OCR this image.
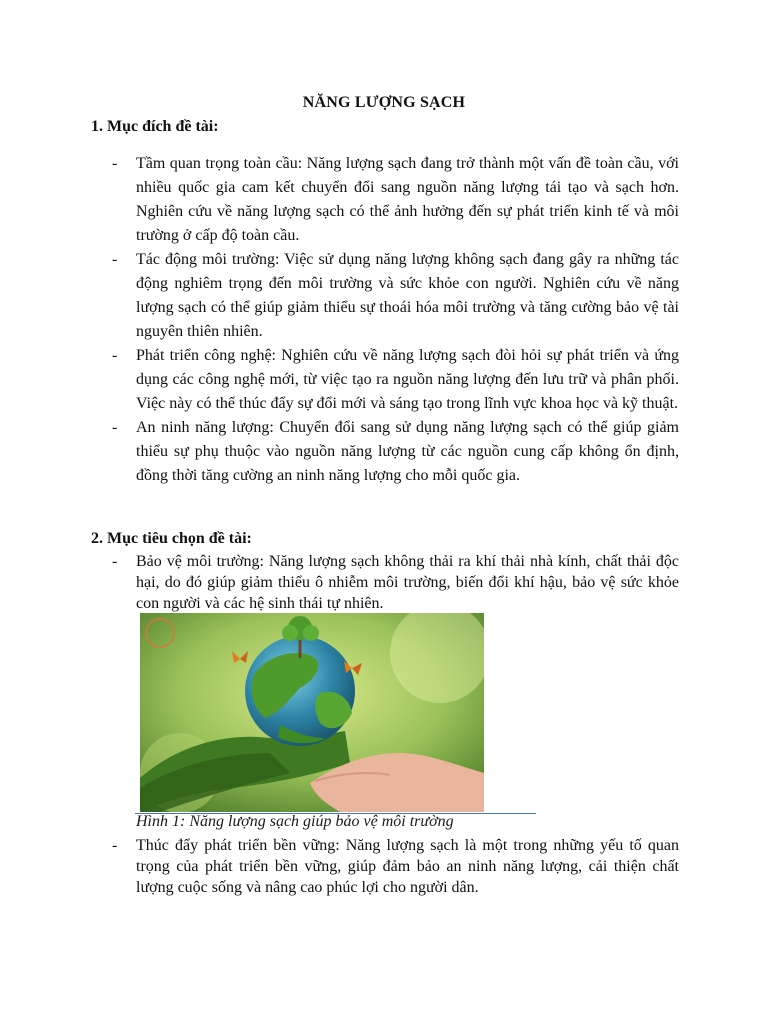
NĂNG LƯỢNG SẠCH
1. Mục đích đề tài:
- Tầm quan trọng toàn cầu: Năng lượng sạch đang trở thành một vấn đề toàn cầu, với nhiều quốc gia cam kết chuyển đổi sang nguồn năng lượng tái tạo và sạch hơn. Nghiên cứu về năng lượng sạch có thể ảnh hưởng đến sự phát triển kinh tế và môi trường ở cấp độ toàn cầu.
- Tác động môi trường: Việc sử dụng năng lượng không sạch đang gây ra những tác động nghiêm trọng đến môi trường và sức khỏe con người. Nghiên cứu về năng lượng sạch có thể giúp giảm thiểu sự thoái hóa môi trường và tăng cường bảo vệ tài nguyên thiên nhiên.
- Phát triển công nghệ: Nghiên cứu về năng lượng sạch đòi hỏi sự phát triển và ứng dụng các công nghệ mới, từ việc tạo ra nguồn năng lượng đến lưu trữ và phân phối. Việc này có thể thúc đẩy sự đổi mới và sáng tạo trong lĩnh vực khoa học và kỹ thuật.
- An ninh năng lượng: Chuyển đổi sang sử dụng năng lượng sạch có thể giúp giảm thiểu sự phụ thuộc vào nguồn năng lượng từ các nguồn cung cấp không ổn định, đồng thời tăng cường an ninh năng lượng cho mỗi quốc gia.
2. Mục tiêu chọn đề tài:
- Bảo vệ môi trường: Năng lượng sạch không thải ra khí thải nhà kính, chất thải độc hại, do đó giúp giảm thiểu ô nhiễm môi trường, biến đổi khí hậu, bảo vệ sức khỏe con người và các hệ sinh thái tự nhiên.
Hình 1: Năng lượng sạch giúp bảo vệ môi trường
- Thúc đẩy phát triển bền vững: Năng lượng sạch là một trong những yếu tố quan trọng của phát triển bền vững, giúp đảm bảo an ninh năng lượng, cải thiện chất lượng cuộc sống và nâng cao phúc lợi cho người dân.
